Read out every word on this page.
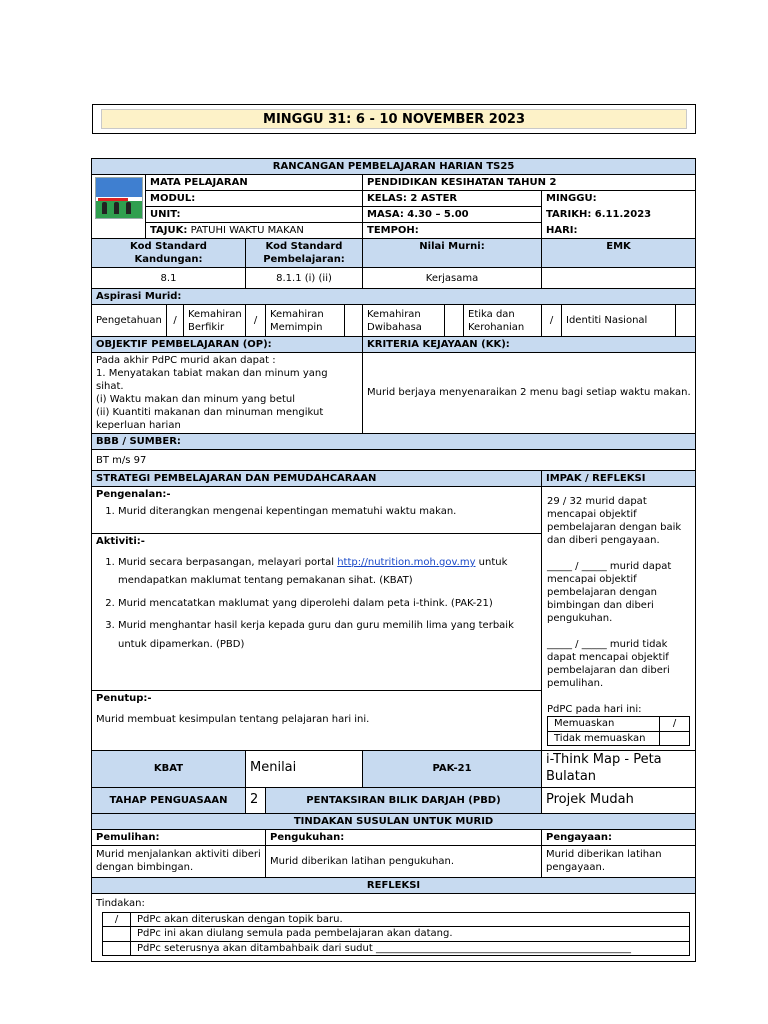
MINGGU 31: 6 - 10 NOVEMBER 2023
RANCANGAN PEMBELAJARAN HARIAN TS25

	MATA PELAJARAN	PENDIDIKAN KESIHATAN TAHUN 2
MODUL:	KELAS: 2 ASTER	MINGGU:
UNIT:	MASA: 4.30 – 5.00	TARIKH: 6.11.2023
TAJUK: PATUHI WAKTU MAKAN	TEMPOH:	HARI:
Kod Standard Kandungan:	Kod Standard Pembelajaran:	Nilai Murni:	EMK
8.1	8.1.1 (i) (ii)	Kerjasama	
Aspirasi Murid:
Pengetahuan	/	Kemahiran Berfikir	/	Kemahiran Memimpin		Kemahiran Dwibahasa		Etika dan Kerohanian	/	Identiti Nasional	
OBJEKTIF PEMBELAJARAN (OP):	KRITERIA KEJAYAAN (KK):

Pada akhir PdPC murid akan dapat :
1. Menyatakan tabiat makan dan minum yang sihat.
(i) Waktu makan dan minum yang betul
(ii) Kuantiti makanan dan minuman mengikut keperluan harian
	Murid berjaya menyenaraikan 2 menu bagi setiap waktu makan.
BBB / SUMBER:
BT m/s 97
STRATEGI PEMBELAJARAN DAN PEMUDAHCARAAN	IMPAK / REFLEKSI

Pengenalan:-
1. Murid diterangkan mengenai kepentingan mematuhi waktu makan.

29 / 32 murid dapat mencapai objektif pembelajaran dengan baik dan diberi pengayaan.
_____ / _____ murid dapat mencapai objektif pembelajaran dengan bimbingan dan diberi pengukuhan.
_____ / _____ murid tidak dapat mencapai objektif pembelajaran dan diberi pemulihan.
PdPC pada hari ini:
Memuaskan	/
Tidak memuaskan	

Aktiviti:-
1. Murid secara berpasangan, melayari portal http://nutrition.moh.gov.my untuk mendapatkan maklumat tentang pemakanan sihat. (KBAT)
2. Murid mencatatkan maklumat yang diperolehi dalam peta i-think. (PAK-21)
3. Murid menghantar hasil kerja kepada guru dan guru memilih lima yang terbaik untuk dipamerkan. (PBD)

Penutup:-
Murid membuat kesimpulan tentang pelajaran hari ini.

KBAT	Menilai	PAK-21	i-Think Map - Peta Bulatan
TAHAP PENGUASAAN	2	PENTAKSIRAN BILIK DARJAH (PBD)	Projek Mudah
TINDAKAN SUSULAN UNTUK MURID
Pemulihan:	Pengukuhan:	Pengayaan:
Murid menjalankan aktiviti diberi dengan bimbingan.	Murid diberikan latihan pengukuhan.	Murid diberikan latihan pengayaan.
REFLEKSI

Tindakan:
/	PdPc akan diteruskan dengan topik baru.
	PdPc ini akan diulang semula pada pembelajaran akan datang.
	PdPc seterusnya akan ditambahbaik dari sudut ___________________________________________________
